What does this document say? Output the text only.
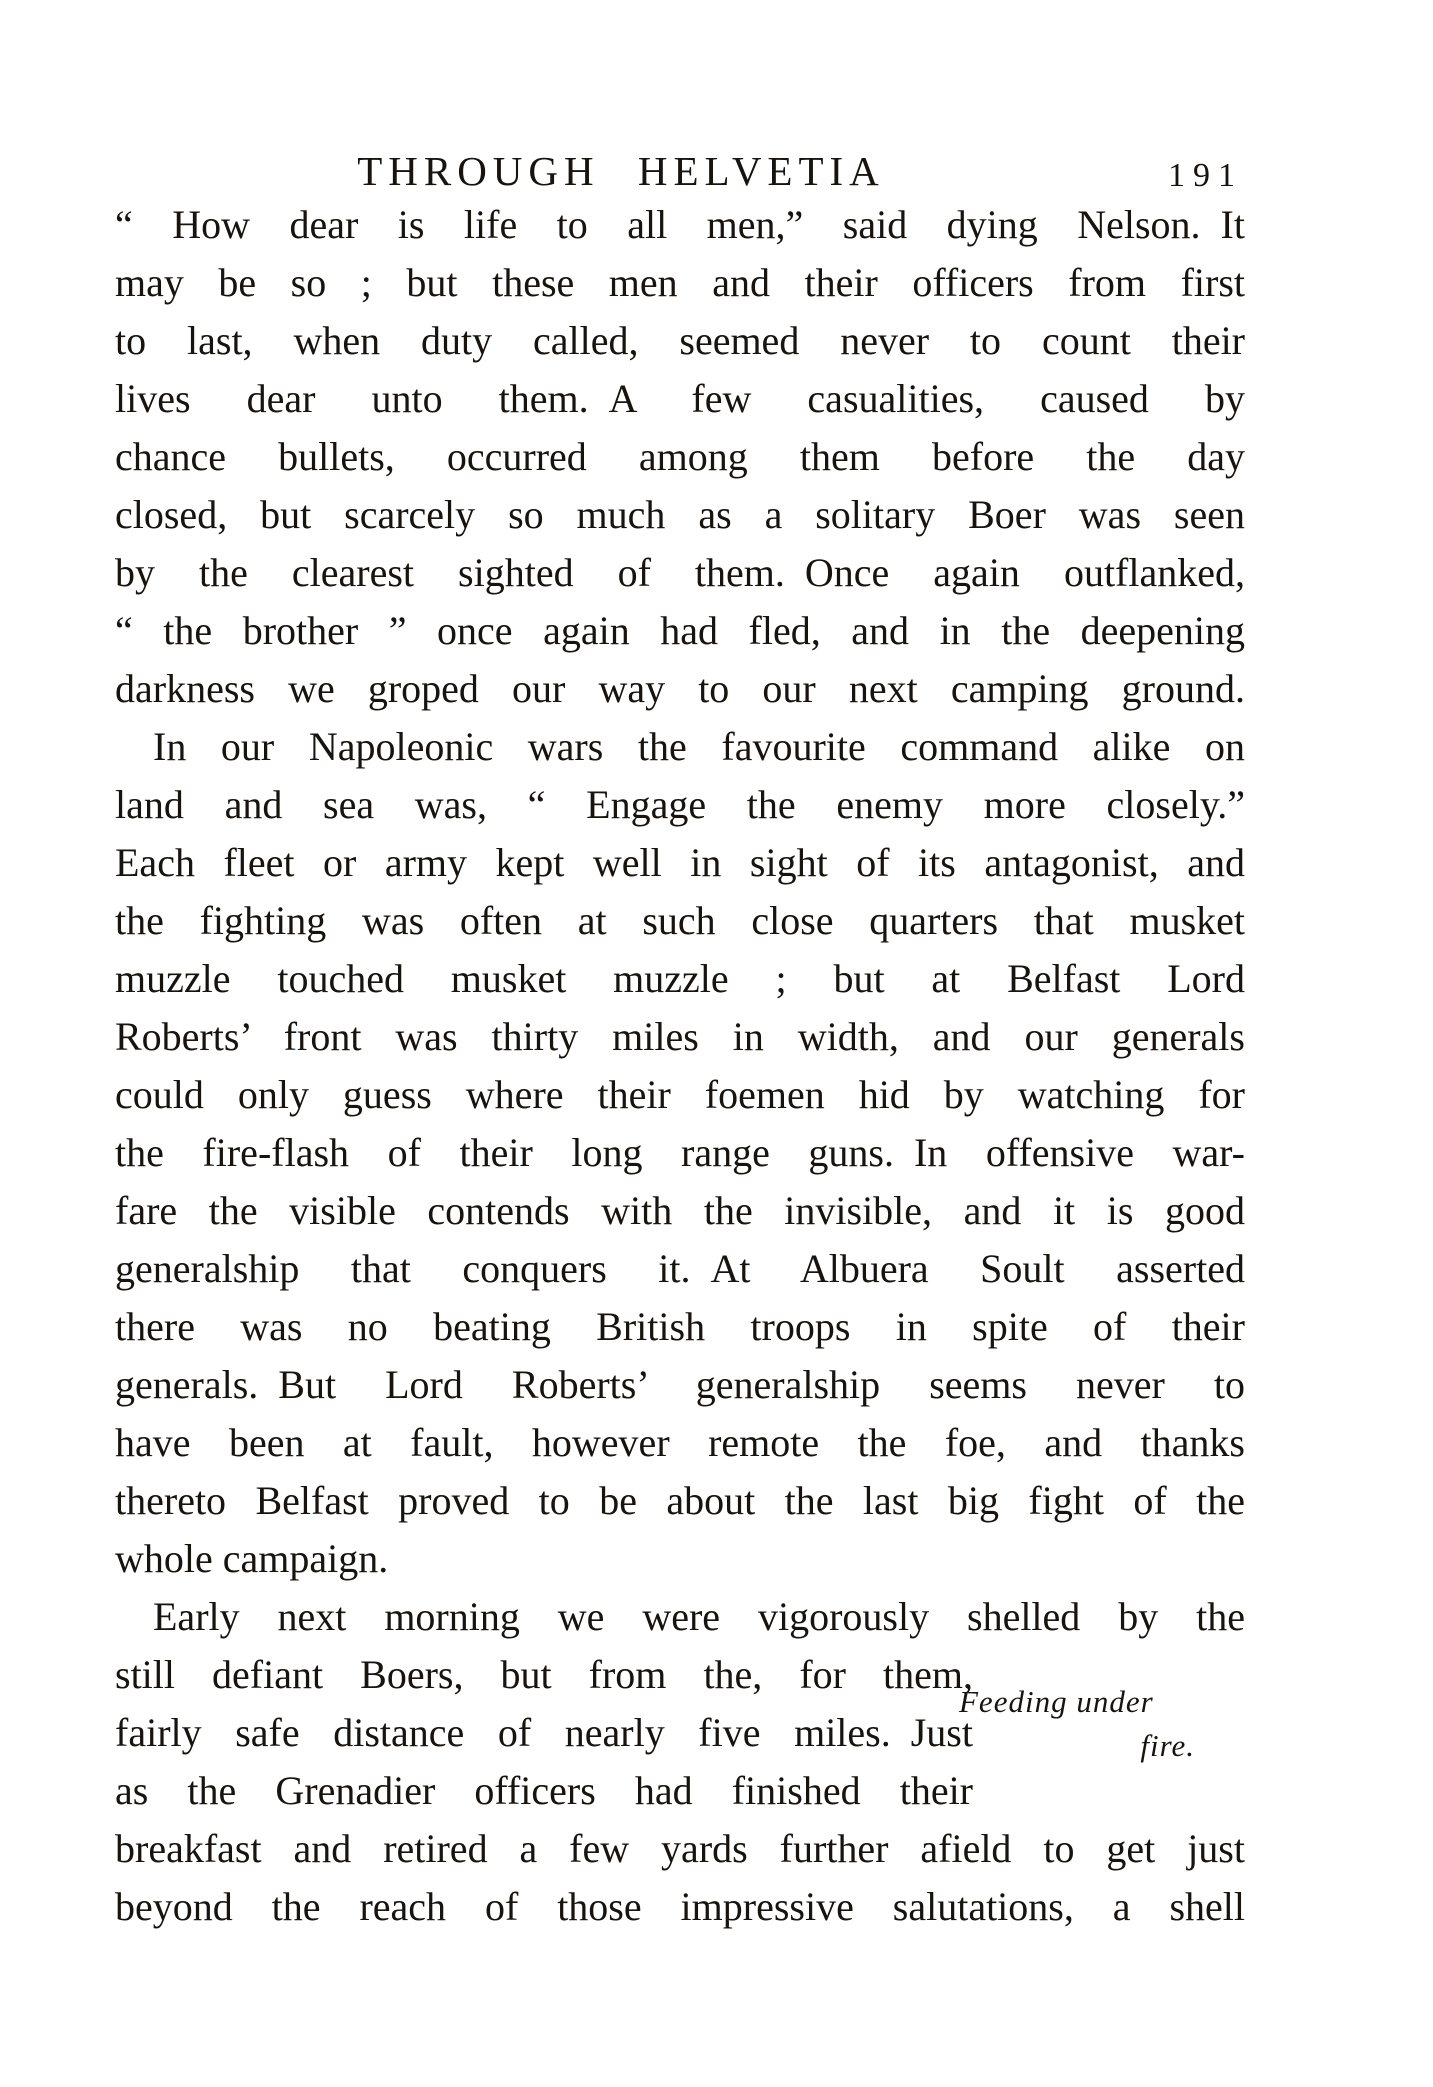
THROUGH HELVETIA	191
“ How dear is life to all men,” said dying Nelson. It
may be so ; but these men and their officers from first
to last, when duty called, seemed never to count their
lives dear unto them. A few casualities, caused by
chance bullets, occurred among them before the day
closed, but scarcely so much as a solitary Boer was seen
by the clearest sighted of them. Once again outflanked,
“ the brother ” once again had fled, and in the deepening
darkness we groped our way to our next camping ground.
In our Napoleonic wars the favourite command alike on
land and sea was, “ Engage the enemy more closely.”
Each fleet or army kept well in sight of its antagonist, and
the fighting was often at such close quarters that musket
muzzle touched musket muzzle ; but at Belfast Lord
Roberts’ front was thirty miles in width, and our generals
could only guess where their foemen hid by watching for
the fire-flash of their long range guns. In offensive war-
fare the visible contends with the invisible, and it is good
generalship that conquers it. At Albuera Soult asserted
there was no beating British troops in spite of their
generals. But Lord Roberts’ generalship seems never to
have been at fault, however remote the foe, and thanks
thereto Belfast proved to be about the last big fight of the
whole campaign.
Early next morning we were vigorously shelled by the
still defiant Boers, but from the, for them,
fairly safe distance of nearly five miles. Just
as the Grenadier officers had finished their
breakfast and retired a few yards further afield to get just
beyond the reach of those impressive salutations, a shell
Feeding under
fire.
